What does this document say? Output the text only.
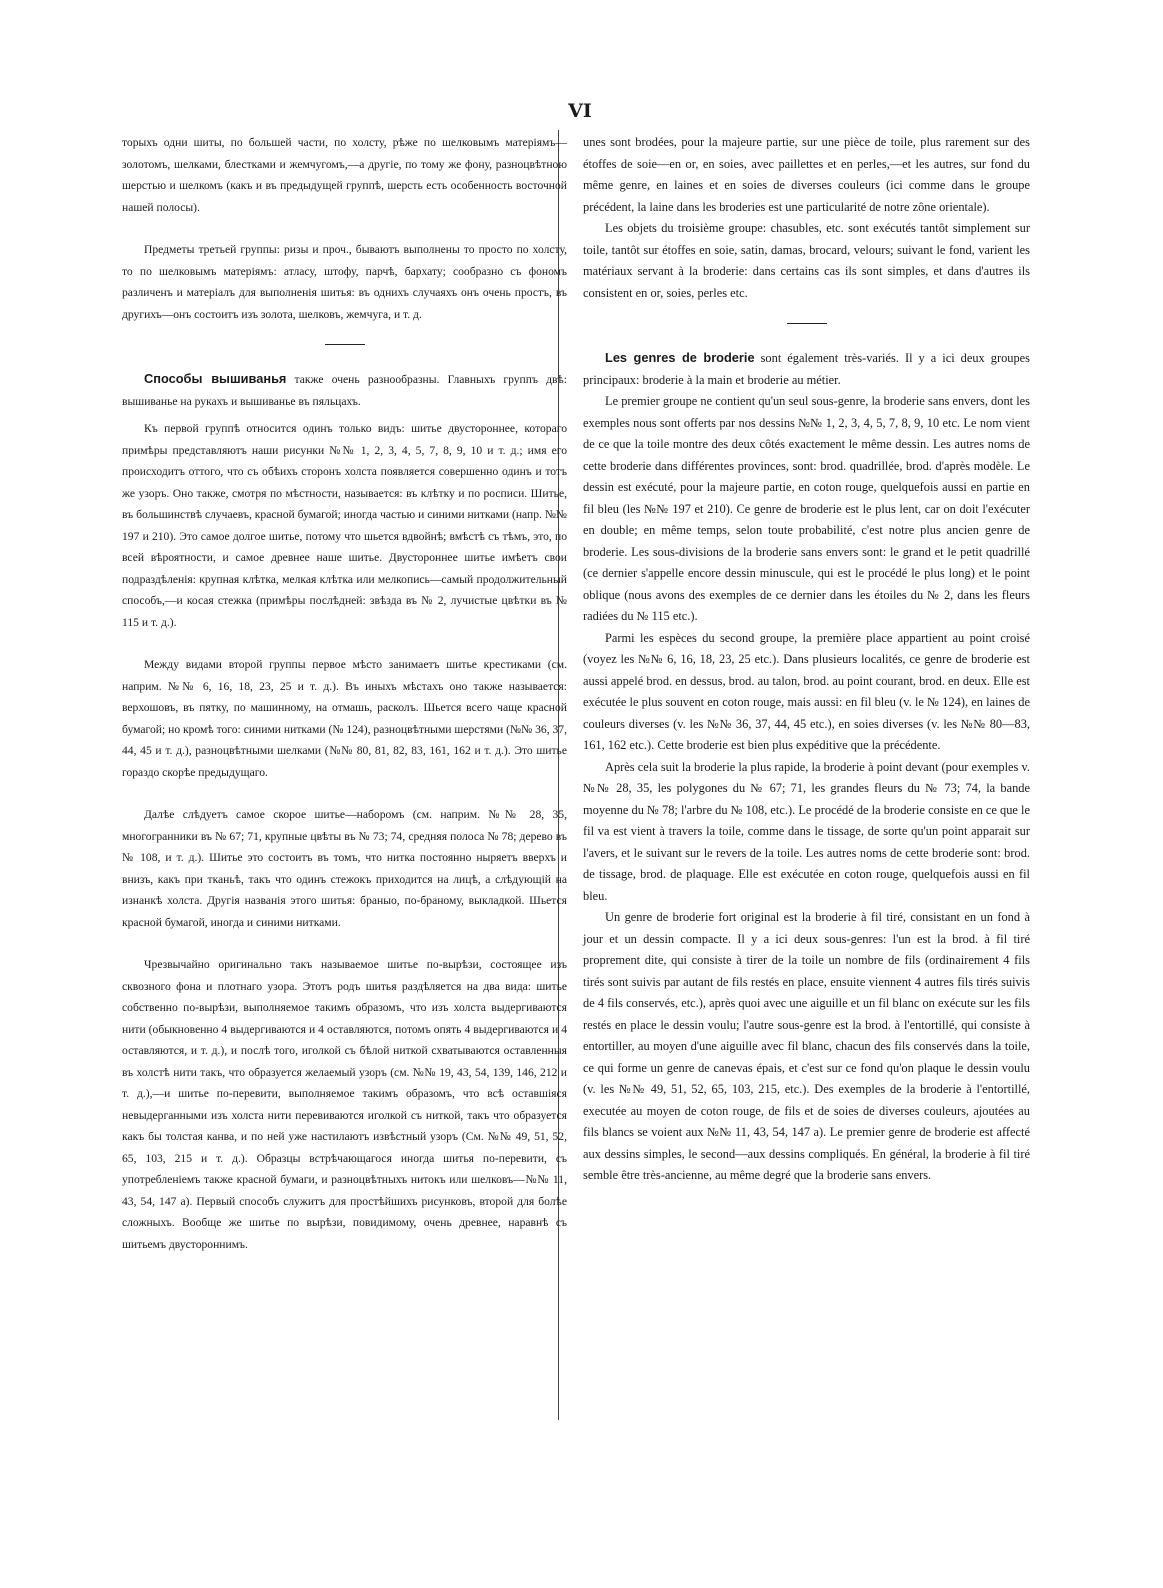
VI

торыхъ одни шиты, по большей части, по холсту, рѣже по шелковымъ матеріямъ—золотомъ, шелками, блестками и жемчугомъ,—а другіе, по тому же фону, разноцвѣтною шерстью и шелкомъ (какъ и въ предыдущей группѣ, шерсть есть особенность восточной нашей полосы).

Предметы третьей группы: ризы и проч., бываютъ выполнены то просто по холсту, то по шелковымъ матеріямъ: атласу, штофу, парчѣ, бархату; сообразно съ фономъ различенъ и матеріалъ для выполненія шитья: въ однихъ случаяхъ онъ очень простъ, въ другихъ—онъ состоитъ изъ золота, шелковъ, жемчуга, и т. д.

Способы вышиванья также очень разнообразны. Главныхъ группъ двѣ: вышиванье на рукахъ и вышиванье въ пяльцахъ.

Къ первой группѣ относится одинъ только видъ: шитье двустороннее, котораго примѣры представляютъ наши рисунки №№ 1, 2, 3, 4, 5, 7, 8, 9, 10 и т. д.; имя его происходитъ оттого, что съ обѣихъ сторонъ холста появляется совершенно одинъ и тотъ же узоръ. Оно также, смотря по мѣстности, называется: въ клѣтку и по росписи. Шитье, въ большинствѣ случаевъ, красной бумагой; иногда частью и синими нитками (напр. №№ 197 и 210). Это самое долгое шитье, потому что шьется вдвойнѣ; вмѣстѣ съ тѣмъ, это, по всей вѣроятности, и самое древнее наше шитье. Двустороннее шитье имѣетъ свои подраздѣленія: крупная клѣтка, мелкая клѣтка или мелкопись—самый продолжительный способъ,—и косая стежка (примѣры послѣдней: звѣзда въ № 2, лучистые цвѣтки въ № 115 и т. д.).

Между видами второй группы первое мѣсто занимаетъ шитье крестиками (см. наприм. №№ 6, 16, 18, 23, 25 и т. д.). Въ иныхъ мѣстахъ оно также называется: верхошовъ, въ пятку, по машинному, на отмашь, расколъ. Шьется всего чаще красной бумагой; но кромѣ того: синими нитками (№ 124), разноцвѣтными шерстями (№№ 36, 37, 44, 45 и т. д.), разноцвѣтными шелками (№№ 80, 81, 82, 83, 161, 162 и т. д.). Это шитье гораздо скорѣе предыдущаго.

Далѣе слѣдуетъ самое скорое шитье—наборомъ (см. наприм. №№ 28, 35, многогранники въ № 67; 71, крупные цвѣты въ № 73; 74, средняя полоса № 78; дерево въ № 108, и т. д.). Шитье это состоитъ въ томъ, что нитка постоянно ныряетъ вверхъ и внизъ, какъ при тканьѣ, такъ что одинъ стежокъ приходится на лицѣ, а слѣдующій на изнанкѣ холста. Другія названія этого шитья: браныо, по-браному, выкладкой. Шьется красной бумагой, иногда и синими нитками.

Чрезвычайно оригинально такъ называемое шитье по-вырѣзи, состоящее изъ сквозного фона и плотнаго узора. Этотъ родъ шитья раздѣляется на два вида: шитье собственно по-вырѣзи, выполняемое такимъ образомъ, что изъ холста выдергиваются нити (обыкновенно 4 выдергиваются и 4 оставляются, потомъ опять 4 выдергиваются и 4 оставляются, и т. д.), и послѣ того, иголкой съ бѣлой ниткой схватываются оставленныя въ холстѣ нити такъ, что образуется желаемый узоръ (см. №№ 19, 43, 54, 139, 146, 212 и т. д.),—и шитье по-перевити, выполняемое такимъ образомъ, что всѣ оставшіяся невыдерганными изъ холста нити перевиваются иголкой съ ниткой, такъ что образуется какъ бы толстая канва, и по ней уже настилаютъ извѣстный узоръ (См. №№ 49, 51, 52, 65, 103, 215 и т. д.). Образцы встрѣчающагося иногда шитья по-перевити, съ употребленіемъ также красной бумаги, и разноцвѣтныхъ нитокъ или шелковъ—№№ 11, 43, 54, 147 а). Первый способъ служитъ для простѣйшихъ рисунковъ, второй для болѣе сложныхъ. Вообще же шитье по вырѣзи, повидимому, очень древнее, наравнѣ съ шитьемъ двустороннимъ.

unes sont brodées, pour la majeure partie, sur une pièce de toile, plus rarement sur des étoffes de soie—en or, en soies, avec paillettes et en perles,—et les autres, sur fond du même genre, en laines et en soies de diverses couleurs (ici comme dans le groupe précédent, la laine dans les broderies est une particularité de notre zône orientale).

Les objets du troisième groupe: chasubles, etc. sont exécutés tantôt simplement sur toile, tantôt sur étoffes en soie, satin, damas, brocard, velours; suivant le fond, varient les matériaux servant à la broderie: dans certains cas ils sont simples, et dans d'autres ils consistent en or, soies, perles etc.

Les genres de broderie sont également très-variés. Il y a ici deux groupes principaux: broderie à la main et broderie au métier.

Le premier groupe ne contient qu'un seul sous-genre, la broderie sans envers, dont les exemples nous sont offerts par nos dessins №№ 1, 2, 3, 4, 5, 7, 8, 9, 10 etc. Le nom vient de ce que la toile montre des deux côtés exactement le même dessin. Les autres noms de cette broderie dans différentes provinces, sont: brod. quadrillée, brod. d'après modèle. Le dessin est exécuté, pour la majeure partie, en coton rouge, quelquefois aussi en partie en fil bleu (les №№ 197 et 210). Ce genre de broderie est le plus lent, car on doit l'exécuter en double; en même temps, selon toute probabilité, c'est notre plus ancien genre de broderie. Les sous-divisions de la broderie sans envers sont: le grand et le petit quadrillé (ce dernier s'appelle encore dessin minuscule, qui est le procédé le plus long) et le point oblique (nous avons des exemples de ce dernier dans les étoiles du № 2, dans les fleurs radiées du № 115 etc.).

Parmi les espèces du second groupe, la première place appartient au point croisé (voyez les №№ 6, 16, 18, 23, 25 etc.). Dans plusieurs localités, ce genre de broderie est aussi appelé brod. en dessus, brod. au talon, brod. au point courant, brod. en deux. Elle est exécutée le plus souvent en coton rouge, mais aussi: en fil bleu (v. le № 124), en laines de couleurs diverses (v. les №№ 36, 37, 44, 45 etc.), en soies diverses (v. les №№ 80—83, 161, 162 etc.). Cette broderie est bien plus expéditive que la précédente.

Après cela suit la broderie la plus rapide, la broderie à point devant (pour exemples v. №№ 28, 35, les polygones du № 67; 71, les grandes fleurs du № 73; 74, la bande moyenne du № 78; l'arbre du № 108, etc.). Le procédé de la broderie consiste en ce que le fil va est vient à travers la toile, comme dans le tissage, de sorte qu'un point apparait sur l'avers, et le suivant sur le revers de la toile. Les autres noms de cette broderie sont: brod. de tissage, brod. de plaquage. Elle est exécutée en coton rouge, quelquefois aussi en fil bleu.

Un genre de broderie fort original est la broderie à fil tiré, consistant en un fond à jour et un dessin compacte. Il y a ici deux sous-genres: l'un est la brod. à fil tiré proprement dite, qui consiste à tirer de la toile un nombre de fils (ordinairement 4 fils tirés sont suivis par autant de fils restés en place, ensuite viennent 4 autres fils tirés suivis de 4 fils conservés, etc.), après quoi avec une aiguille et un fil blanc on exécute sur les fils restés en place le dessin voulu; l'autre sous-genre est la brod. à l'entortillé, qui consiste à entortiller, au moyen d'une aiguille avec fil blanc, chacun des fils conservés dans la toile, ce qui forme un genre de canevas épais, et c'est sur ce fond qu'on plaque le dessin voulu (v. les №№ 49, 51, 52, 65, 103, 215, etc.). Des exemples de la broderie à l'entortillé, executée au moyen de coton rouge, de fils et de soies de diverses couleurs, ajoutées au fils blancs se voient aux №№ 11, 43, 54, 147 a). Le premier genre de broderie est affecté aux dessins simples, le second—aux dessins compliqués. En général, la broderie à fil tiré semble être très-ancienne, au même degré que la broderie sans envers.
